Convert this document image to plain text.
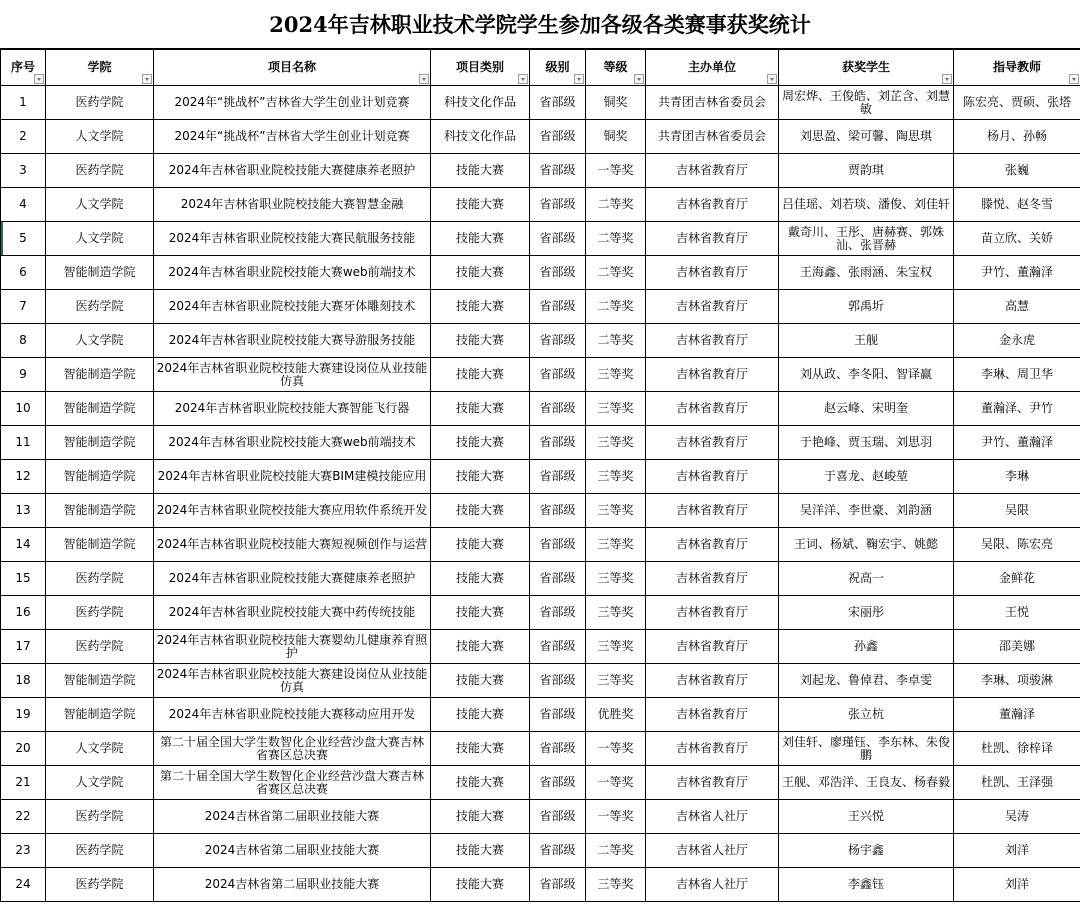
2024年吉林职业技术学院学生参加各级各类赛事获奖统计
序号	学院	项目名称	项目类别	级别	等级	主办单位	获奖学生	指导教师

1	医药学院	2024年“挑战杯”吉林省大学生创业计划竞赛	科技文化作品	省部级	铜奖	共青团吉林省委员会	周宏烨、王俊皓、刘芷含、刘慧敏	陈宏亮、贾硕、张塔
2	人文学院	2024年“挑战杯”吉林省大学生创业计划竞赛	科技文化作品	省部级	铜奖	共青团吉林省委员会	刘思盈、梁可馨、陶思琪	杨月、孙畅
3	医药学院	2024年吉林省职业院校技能大赛健康养老照护	技能大赛	省部级	一等奖	吉林省教育厅	贾韵琪	张巍
4	人文学院	2024年吉林省职业院校技能大赛智慧金融	技能大赛	省部级	二等奖	吉林省教育厅	吕佳瑶、刘若琰、潘俊、刘佳轩	滕悦、赵冬雪
5	人文学院	2024年吉林省职业院校技能大赛民航服务技能	技能大赛	省部级	二等奖	吉林省教育厅	戴奇川、王彤、唐赫赛、郭姝汕、张晋赫	苗立欣、关娇
6	智能制造学院	2024年吉林省职业院校技能大赛web前端技术	技能大赛	省部级	二等奖	吉林省教育厅	王海鑫、张雨涵、朱宝权	尹竹、董瀚泽
7	医药学院	2024年吉林省职业院校技能大赛牙体雕刻技术	技能大赛	省部级	二等奖	吉林省教育厅	郭禹圻	高慧
8	人文学院	2024年吉林省职业院校技能大赛导游服务技能	技能大赛	省部级	二等奖	吉林省教育厅	王舰	金永虎
9	智能制造学院	2024年吉林省职业院校技能大赛建设岗位从业技能仿真	技能大赛	省部级	三等奖	吉林省教育厅	刘从政、李冬阳、智译赢	李琳、周卫华
10	智能制造学院	2024年吉林省职业院校技能大赛智能飞行器	技能大赛	省部级	三等奖	吉林省教育厅	赵云峰、宋明奎	董瀚泽、尹竹
11	智能制造学院	2024年吉林省职业院校技能大赛web前端技术	技能大赛	省部级	三等奖	吉林省教育厅	于艳峰、贾玉瑞、刘思羽	尹竹、董瀚泽
12	智能制造学院	2024年吉林省职业院校技能大赛BIM建模技能应用	技能大赛	省部级	三等奖	吉林省教育厅	于喜龙、赵峻堃	李琳
13	智能制造学院	2024年吉林省职业院校技能大赛应用软件系统开发	技能大赛	省部级	三等奖	吉林省教育厅	吴洋洋、李世豪、刘韵涵	吴限
14	智能制造学院	2024年吉林省职业院校技能大赛短视频创作与运营	技能大赛	省部级	三等奖	吉林省教育厅	王词、杨斌、鞠宏宇、姚懿	吴限、陈宏亮
15	医药学院	2024年吉林省职业院校技能大赛健康养老照护	技能大赛	省部级	三等奖	吉林省教育厅	祝高一	金鲜花
16	医药学院	2024年吉林省职业院校技能大赛中药传统技能	技能大赛	省部级	三等奖	吉林省教育厅	宋丽彤	王悦
17	医药学院	2024年吉林省职业院校技能大赛婴幼儿健康养育照护	技能大赛	省部级	三等奖	吉林省教育厅	孙鑫	邵美娜
18	智能制造学院	2024年吉林省职业院校技能大赛建设岗位从业技能仿真	技能大赛	省部级	三等奖	吉林省教育厅	刘起龙、鲁倬君、李卓雯	李琳、项骏淋
19	智能制造学院	2024年吉林省职业院校技能大赛移动应用开发	技能大赛	省部级	优胜奖	吉林省教育厅	张立杭	董瀚泽
20	人文学院	第二十届全国大学生数智化企业经营沙盘大赛吉林省赛区总决赛	技能大赛	省部级	一等奖	吉林省教育厅	刘佳轩、廖瑾钰、李东林、朱俊鹏	杜凯、徐梓译
21	人文学院	第二十届全国大学生数智化企业经营沙盘大赛吉林省赛区总决赛	技能大赛	省部级	一等奖	吉林省教育厅	王舰、邓浩洋、王良友、杨春毅	杜凯、王泽强
22	医药学院	2024吉林省第二届职业技能大赛	技能大赛	省部级	一等奖	吉林省人社厅	王兴悦	吴涛
23	医药学院	2024吉林省第二届职业技能大赛	技能大赛	省部级	二等奖	吉林省人社厅	杨宇鑫	刘洋
24	医药学院	2024吉林省第二届职业技能大赛	技能大赛	省部级	三等奖	吉林省人社厅	李鑫钰	刘洋
